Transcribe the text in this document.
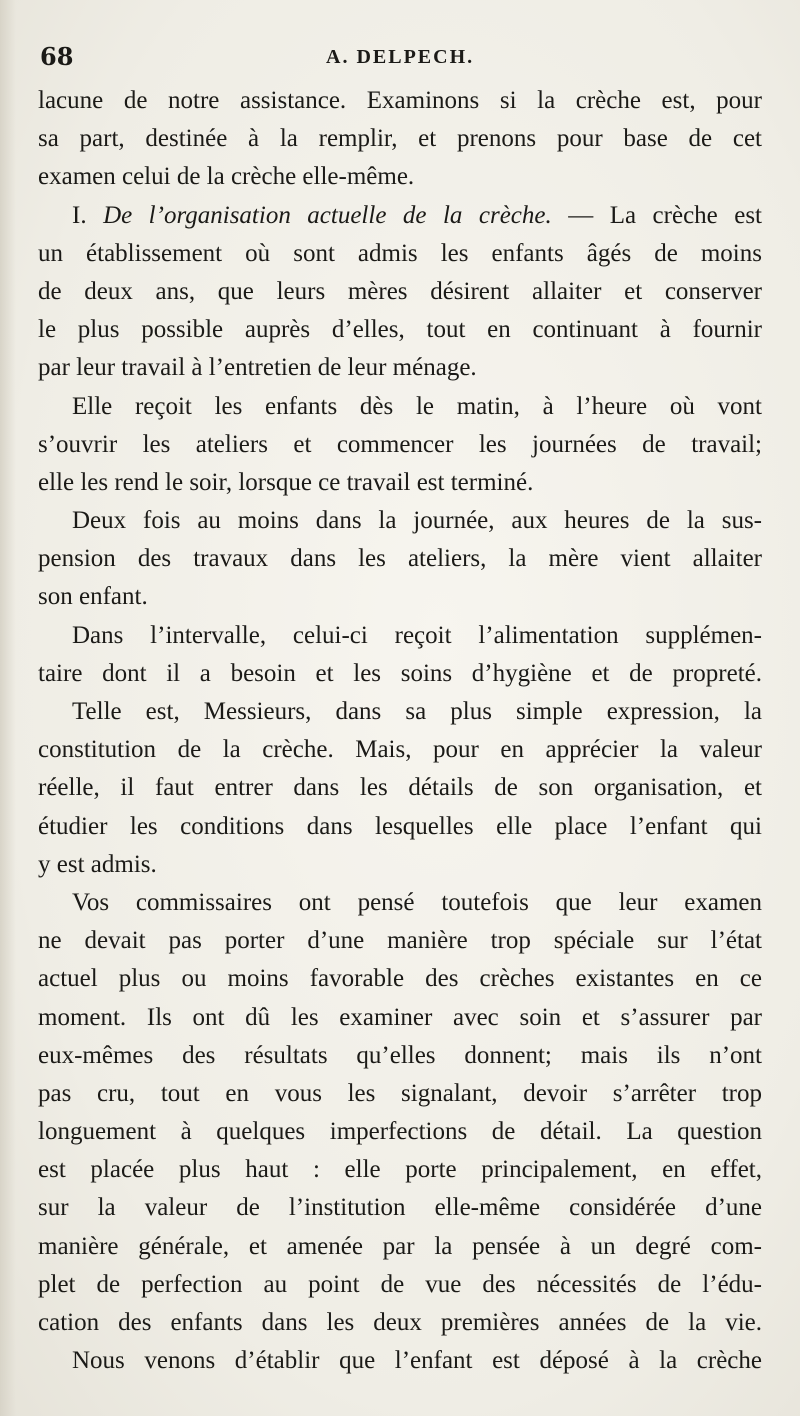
68	A. DELPECH.
lacune de notre assistance. Examinons si la crèche est, pour
sa part, destinée à la remplir, et prenons pour base de cet
examen celui de la crèche elle-même.
I. De l’organisation actuelle de la crèche. — La crèche est
un établissement où sont admis les enfants âgés de moins
de deux ans, que leurs mères désirent allaiter et conserver
le plus possible auprès d’elles, tout en continuant à fournir
par leur travail à l’entretien de leur ménage.
Elle reçoit les enfants dès le matin, à l’heure où vont
s’ouvrir les ateliers et commencer les journées de travail;
elle les rend le soir, lorsque ce travail est terminé.
Deux fois au moins dans la journée, aux heures de la sus-
pension des travaux dans les ateliers, la mère vient allaiter
son enfant.
Dans l’intervalle, celui-ci reçoit l’alimentation supplémen-
taire dont il a besoin et les soins d’hygiène et de propreté.
Telle est, Messieurs, dans sa plus simple expression, la
constitution de la crèche. Mais, pour en apprécier la valeur
réelle, il faut entrer dans les détails de son organisation, et
étudier les conditions dans lesquelles elle place l’enfant qui
y est admis.
Vos commissaires ont pensé toutefois que leur examen
ne devait pas porter d’une manière trop spéciale sur l’état
actuel plus ou moins favorable des crèches existantes en ce
moment. Ils ont dû les examiner avec soin et s’assurer par
eux-mêmes des résultats qu’elles donnent; mais ils n’ont
pas cru, tout en vous les signalant, devoir s’arrêter trop
longuement à quelques imperfections de détail. La question
est placée plus haut : elle porte principalement, en effet,
sur la valeur de l’institution elle-même considérée d’une
manière générale, et amenée par la pensée à un degré com-
plet de perfection au point de vue des nécessités de l’édu-
cation des enfants dans les deux premières années de la vie.
Nous venons d’établir que l’enfant est déposé à la crèche
